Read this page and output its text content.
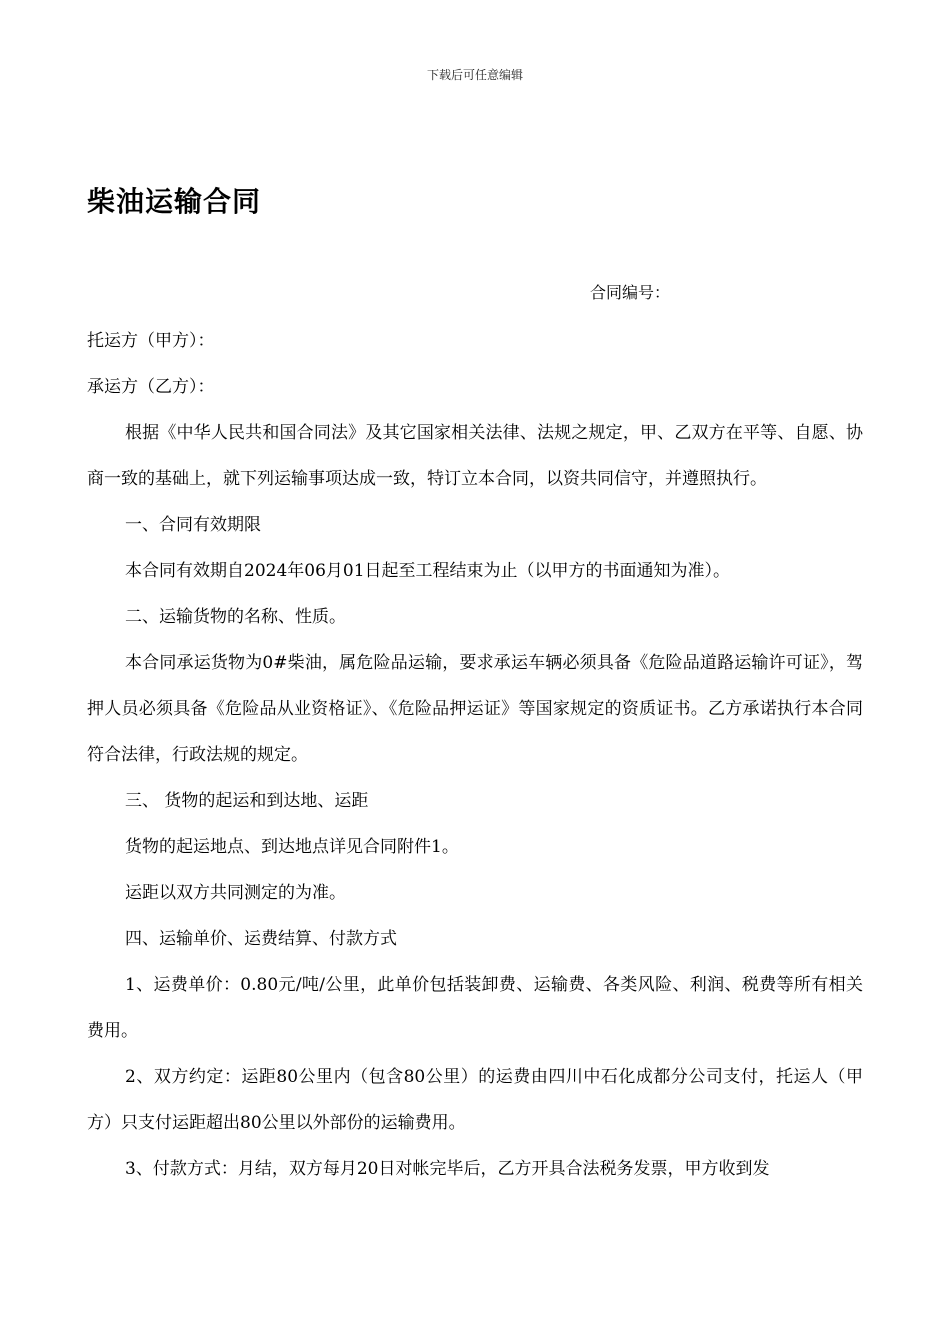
下载后可任意编辑
柴油运输合同
合同编号：

托运方（甲方）：

承运方（乙方）：

根据《中华人民共和国合同法》及其它国家相关法律、法规之规定，甲、乙双方在平等、自愿、协商一致的基础上，就下列运输事项达成一致，特订立本合同，以资共同信守，并遵照执行。

一、合同有效期限

本合同有效期自2024年06月01日起至工程结束为止（以甲方的书面通知为准）。

二、运输货物的名称、性质。

本合同承运货物为0#柴油，属危险品运输，要求承运车辆必须具备《危险品道路运输许可证》，驾押人员必须具备《危险品从业资格证》、《危险品押运证》等国家规定的资质证书。乙方承诺执行本合同符合法律，行政法规的规定。

三、 货物的起运和到达地、运距

货物的起运地点、到达地点详见合同附件1。

运距以双方共同测定的为准。

四、运输单价、运费结算、付款方式

1、运费单价：0.80元/吨/公里，此单价包括装卸费、运输费、各类风险、利润、税费等所有相关费用。

2、双方约定：运距80公里内（包含80公里）的运费由四川中石化成都分公司支付，托运人（甲方）只支付运距超出80公里以外部份的运输费用。

3、付款方式：月结，双方每月20日对帐完毕后，乙方开具合法税务发票，甲方收到发
